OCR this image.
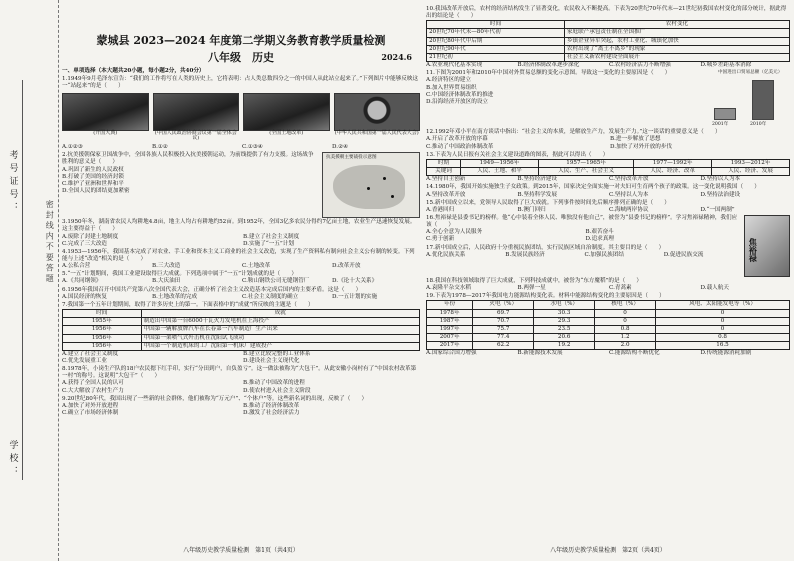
考号证号：
密 封 线 内 不 要 答 题
学校：
蒙城县 2023—2024 年度第二学期义务教育教学质量检测
八年级　历史	2024.6
一、单项选择（本大题共20小题，每小题2分，共40分）
1.1949年9月毛泽东宣告：“我们的工作将写在人类的历史上，它将表明：占人类总数四分之一的中国人从此站立起来了。”下列图片中能够反映这一“站起来”的是（　　）
(开国大典)	(中国人民政治协商会议第一届全体会议)
(全国土地改革)	(中华人民共和国第一届人民代表大会)
A.①②③	B.①②	C.①③④	D.②④
抗美援朝主要战役示意图
2.抗美援朝保家卫国战争中，全国各族人民积极投入抗美援朝运动，为前线提供了有力支援。这场战争胜利的意义是（　　）
A.巩固了新生的人民政权
B.打破了美国的经济封锁
C.维护了亚洲和世界和平
D.全国人民的团结更加紧密
3.1950年冬，湖南省农民人均耕地4.8亩，地主人均占有耕地约52亩。到1952年，全国3亿多农民分得约7亿亩土地，农业生产迅速恢复发展。这主要得益于（　　）
A.废除了封建土地制度	B.建立了社会主义制度
C.完成了三大改造	D.实施了“一五”计划
4.1953—1956年，我国基本完成了对农业、手工业和资本主义工商业的社会主义改造，实现了生产资料私有制向社会主义公有制的转变。下列能与上述“改造”相关的是（　　）
A.公私合营	B.三大改造	C.土地改革	D.改革开放
5.“一五”计划期间，我国工业建设取得巨大成就。下列选项中属于“一五”计划成就的是（　　）
A.《共同纲领》	B.大庆油田	C.鞍山钢铁公司无缝钢管厂	D.《论十大关系》
6.1956年我国召开中国共产党第八次全国代表大会，正确分析了社会主义改造基本完成后国内的主要矛盾。这是（　　）
A.国民经济的恢复	B.土地改革的完成	C.社会主义制度的确立	D.一五计划的实施
7.我国第一个五年计划期间，取得了许多历史上的第一。下面表格中的“成就”所反映的主题是（　　）
时间	成就
1955年	制造出中国第一台6000千瓦火力发电机在上海投产
1956年	中国第一辆解放牌汽车在长春第一汽车制造厂生产出来
1956年	中国第一架喷气式歼击机在沈阳试飞成功
1956年	中国第一个制造机床的工厂沈阳第一机床厂建成投产
A.建立了社会主义制度	B.建立比较完整的工业体系
C.优先发展重工业	D.建设社会主义现代化
8.1978年，小岗生产队的18户农民摁下红手印，实行“分田到户，自负盈亏”。这一做法被称为“大包干”。从此安徽小岗村有了“中国农村改革第一村”的称号。这说明“大包干”（　　）
A.获得了全国人民的认可	B.推动了中国改革的进程
C.大大解放了农村生产力	D.使农村进入社会主义阶段
9.20世纪80年代，我国出现了一些新的社会群体，他们被称为“万元户”、“个体户”等。这些新名词的出现，反映了（　　）
A.加快了对外开放进程	B.推动了经济体制改革
C.确立了市场经济体制	D.激发了社会经济活力
八年级历史教学质量检测　第1页（共4页）
10.我国改革开放后，农村的经济结构发生了显著变化，农民收入不断提高。下表为20世纪70年代末—21世纪初我国农村变化的部分统计，据此得出的结论是（　　）
时间	农村变化
20世纪70年代末—80年代初	家庭联产承包责任制在全国推广
20世纪80年代中后期	乡镇企业异军突起，农村工业化、城镇化加快
20世纪90年代	农村出现了“离土不离乡”的现象
21世纪初	社会主义新农村建设全面展开
A.农业现代化基本实现	B.经济体制改革逐步深化	C.农村经济活力不断增强	D.城乡差距基本消除
中国进出口贸易总额（亿美元）
2001年	2010年
11.下图为2001年和2010年中国对外贸易总额的变化示意图。导致这一变化的主要原因是（　　）
A.经济特区的建立
B.加入世界贸易组织
C.中国经济体制改革的推进
D.沿海经济开放区的设立
12.1992年邓小平在南方谈话中指出：“社会主义的本质，是解放生产力，发展生产力。”这一谈话的重要意义是（　　）
A.开启了改革开放的序幕	B.进一步解放了思想
C.推动了中国政治体制改革	D.加快了对外开放的步伐
13.下表为人民日报有关社会主义建设道路的图表，据此可以得出（　　）
时期	1949—1956年	1957—1965年	1977—1992年	1993—2012年
关键词	人民、土地、和平	人民、生产、社会主义	人民、经济、改革	人民、经济、发展
A.坚持自主创新	B.坚持经济建设	C.坚持改革开放	D.坚持以人为本
14.1980年，我国开始实施独生子女政策。到2015年，国家决定全面实施一对夫妇可生育两个孩子的政策。这一变化说明我国（　　）
A.坚持改革开放	B.坚持科学发展	C.坚持以人为本	D.坚持法治建设
15.新中国成立以来，党领导人民取得了巨大成就。下列事件按时间先后顺序排列正确的是（　　）
A.香港回归	B.澳门回归	C.海峡两岸协议	D.“一国两制”
焦裕禄
16.焦裕禄是县委书记的榜样。他“心中装着全体人民、唯独没有他自己”，被誉为“县委书记的榜样”。学习焦裕禄精神，我们应该（　　）
A.全心全意为人民服务	B.艰苦奋斗
C.勇于创新	D.追求真理
17.新中国成立后，人民政府十分重视民族团结，实行民族区域自治制度。其主要目的是（　　）
A.优化民族关系	B.发展民族经济	C.加强民族团结	D.促进民族交流
18.我国在科技领域取得了巨大成就，下列科技成就中，被誉为“东方魔稻”的是（　　）
A.袁隆平杂交水稻	B.两弹一星	C.青蒿素	D.载人航天
19.下表为1978—2017年我国电力能源结构变化表。材料中能源结构变化的主要原因是（　　）
年份	火电（%）	水电（%）	核电（%）	风电、太阳能发电等（%）
1978年	69.7	30.3	0	0
1987年	70.7	29.3	0	0
1997年	75.7	23.5	0.8	0
2007年	77.4	20.6	1.2	0.8
2017年	62.2	19.2	2.0	16.5
A.国家综合国力增强	B.新能源技术发展	C.能源结构不断优化	D.传统能源消耗加剧
八年级历史教学质量检测　第2页（共4页）
